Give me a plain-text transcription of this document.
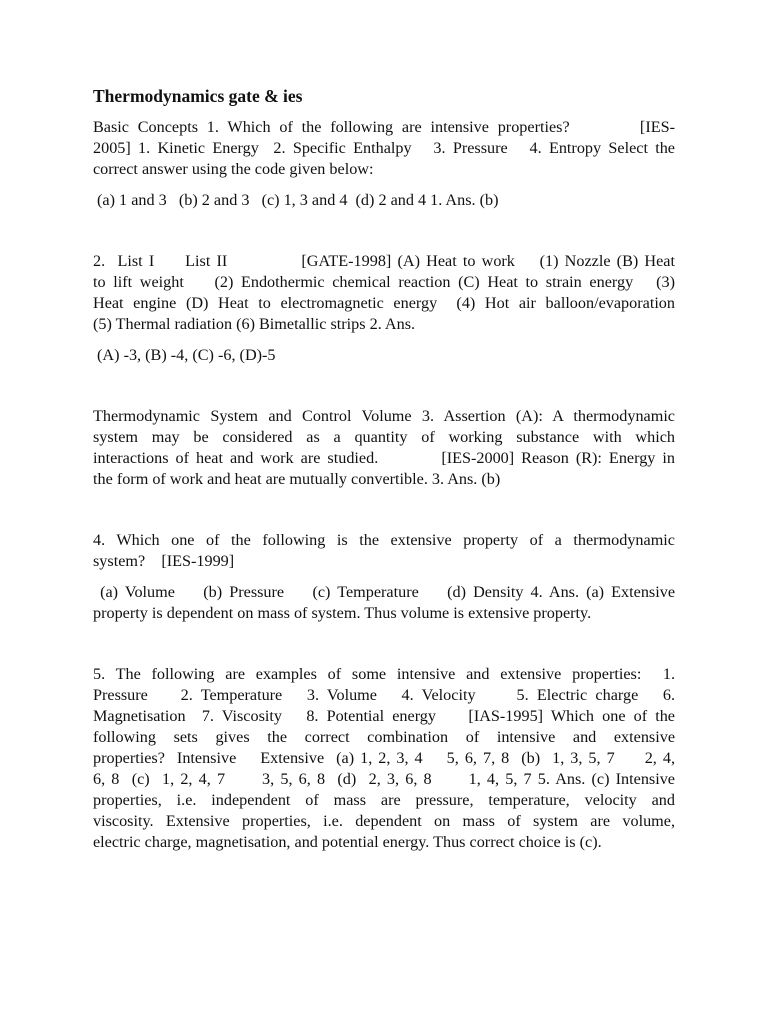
Thermodynamics gate & ies
Basic Concepts 1. Which of the following are intensive properties?        [IES-
2005] 1. Kinetic Energy  2. Specific Enthalpy   3. Pressure   4. Entropy Select the
correct answer using the code given below:
(a) 1 and 3   (b) 2 and 3   (c) 1, 3 and 4  (d) 2 and 4 1. Ans. (b)
2.  List I     List II            [GATE-1998] (A) Heat to work    (1) Nozzle (B) Heat
to lift weight    (2) Endothermic chemical reaction (C) Heat to strain energy   (3)
Heat engine (D) Heat to electromagnetic energy  (4) Hot air balloon/evaporation
(5) Thermal radiation (6) Bimetallic strips 2. Ans.
(A) -3, (B) -4, (C) -6, (D)-5
Thermodynamic System and Control Volume 3. Assertion (A): A thermodynamic
system may be considered as a quantity of working substance with which
interactions of heat and work are studied.         [IES-2000] Reason (R): Energy in
the form of work and heat are mutually convertible. 3. Ans. (b)
4. Which one of the following is the extensive property of a thermodynamic
system?    [IES-1999]
(a) Volume    (b) Pressure    (c) Temperature    (d) Density 4. Ans. (a) Extensive
property is dependent on mass of system. Thus volume is extensive property.
5. The following are examples of some intensive and extensive properties:  1.
Pressure    2. Temperature   3. Volume   4. Velocity     5. Electric charge   6.
Magnetisation  7. Viscosity   8. Potential energy    [IAS-1995] Which one of the
following sets gives the correct combination of intensive and extensive
properties?  Intensive    Extensive  (a) 1, 2, 3, 4    5, 6, 7, 8  (b)  1, 3, 5, 7     2, 4,
6, 8  (c)  1, 2, 4, 7      3, 5, 6, 8  (d)  2, 3, 6, 8      1, 4, 5, 7 5. Ans. (c) Intensive
properties, i.e. independent of mass are pressure, temperature, velocity and
viscosity. Extensive properties, i.e. dependent on mass of system are volume,
electric charge, magnetisation, and potential energy. Thus correct choice is (c).
